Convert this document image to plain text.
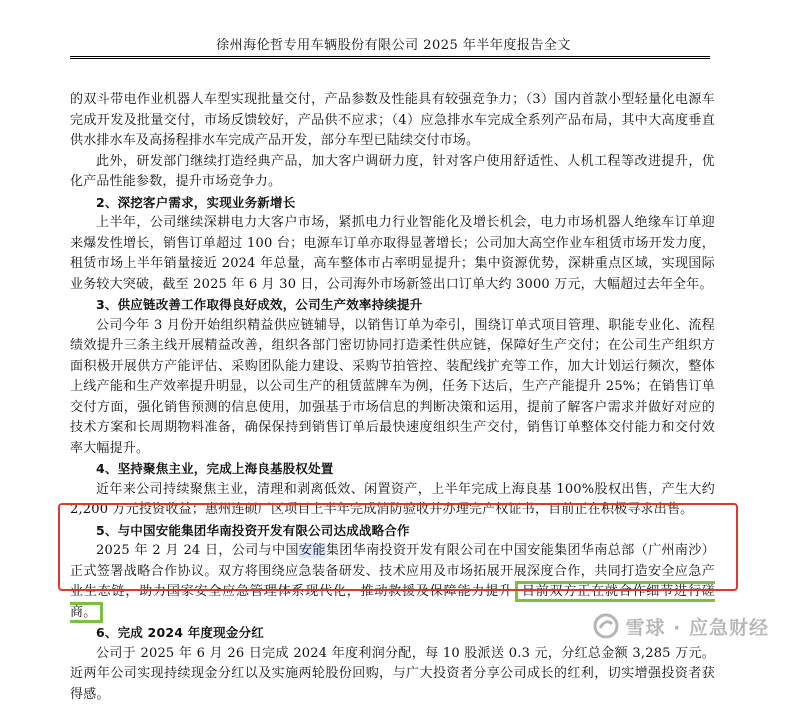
徐州海伦哲专用车辆股份有限公司 2025 年半年度报告全文

的双斗带电作业机器人车型实现批量交付，产品参数及性能具有较强竞争力；（3）国内首款小型轻量化电源车完成开发及批量交付，市场反馈较好，产品供不应求；（4）应急排水车完成全系列产品布局，其中大高度垂直供水排水车及高扬程排水车完成产品开发，部分车型已陆续交付市场。

此外，研发部门继续打造经典产品，加大客户调研力度，针对客户使用舒适性、人机工程等改进提升，优化产品性能参数，提升市场竞争力。

2、深挖客户需求，实现业务新增长

上半年，公司继续深耕电力大客户市场，紧抓电力行业智能化及增长机会，电力市场机器人绝缘车订单迎来爆发性增长，销售订单超过 100 台；电源车订单亦取得显著增长；公司加大高空作业车租赁市场开发力度，租赁市场上半年销量接近 2024 年总量，高车整体市占率明显提升；集中资源优势，深耕重点区域，实现国际业务较大突破，截至 2025 年 6 月 30 日，公司海外市场新签出口订单大约 3000 万元，大幅超过去年全年。

3、供应链改善工作取得良好成效，公司生产效率持续提升

公司今年 3 月份开始组织精益供应链辅导，以销售订单为牵引，围绕订单式项目管理、职能专业化、流程绩效提升三条主线开展精益改善，组织各部门密切协同打造柔性供应链，保障好生产交付；在公司生产组织方面积极开展供方产能评估、采购团队能力建设、采购节拍管控、装配线扩充等工作，加大计划运行频次，整体上线产能和生产效率提升明显，以公司生产的租赁蓝牌车为例，任务下达后，生产产能提升 25%；在销售订单交付方面，强化销售预测的信息使用，加强基于市场信息的判断决策和运用，提前了解客户需求并做好对应的技术方案和长周期物料准备，确保保持到销售订单后最快速度组织生产交付，销售订单整体交付能力和交付效率大幅提升。

4、坚持聚焦主业，完成上海良基股权处置

近年来公司持续聚焦主业，清理和剥离低效、闲置资产，上半年完成上海良基 100%股权出售，产生大约 2,200 万元投资收益；惠州连硕厂区项目上半年完成消防验收并办理完产权证书，目前正在积极寻求出售。

5、与中国安能集团华南投资开发有限公司达成战略合作

2025 年 2 月 24 日，公司与中国安能集团华南投资开发有限公司在中国安能集团华南总部（广州南沙）正式签署战略合作协议。双方将围绕应急装备研发、技术应用及市场拓展开展深度合作，共同打造安全应急产业生态链，助力国家安全应急管理体系现代化，推动救援及保障能力提升 目前双方正在就合作细节进行磋商。

6、完成 2024 年度现金分红

公司于 2025 年 6 月 26 日完成 2024 年度利润分配，每 10 股派送 0.3 元，分红总金额 3,285 万元。近两年公司实现持续现金分红以及实施两轮股份回购，与广大投资者分享公司成长的红利，切实增强投资者获得感。

雪球 · 应急财经
